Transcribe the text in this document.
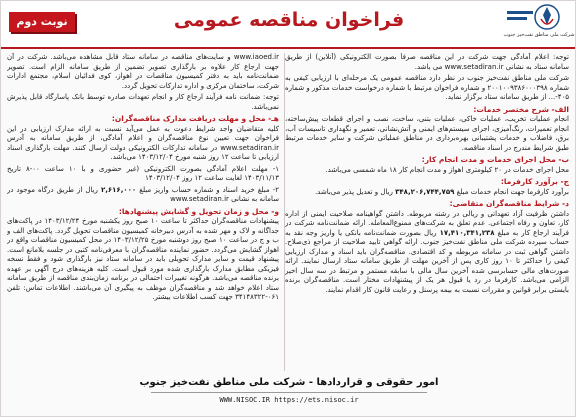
نوبت دوم	فراخوان مناقصه عمومی
شرکت ملی مناطق نفت‌خیز جنوب

توجه: اعلام آمادگی جهت شرکت در این مناقصه صرفاً بصورت الکترونیکی (آنلاین) از طریق سامانه ستاد به نشانی www.setadiran.ir می باشد.

شرکت ملی مناطق نفت‌خیز جنوب در نظر دارد مناقصه عمومی یک مرحله‌ای با ارزیابی کیفی به شماره ۲۰۰۱۰۰۹۳۸۶۰۰۰۳۹۸ و شماره فراخوان مرتبط با شماره درخواست خدمات مذکور و شماره ۴۰۵-... از طریق سامانه ستاد برگزار نماید.

الف- شرح مختصر خدمات:

انجام عملیات تخریب، عملیات خاکی، عملیات بتنی، ساخت، نصب و اجرای قطعات پیش‌ساخته، انجام تعمیرات، رنگ‌آمیزی، اجرای سیستم‌های ایمنی و آتش‌نشانی، تعمیر و نگهداری تاسیسات آب، برق، فاضلاب و خدمات پشتیبانی بهره‌برداری در مناطق عملیاتی شرکت و سایر خدمات مرتبط طبق شرایط مندرج در اسناد مناقصه.

ب- محل اجرای خدمات و مدت انجام کار:

محل اجرای خدمات در ۲۰ کیلومتری اهواز و مدت انجام کار ۱۸ ماه شمسی می‌باشد.

ج- برآورد کارفرما:

برآورد کارفرما جهت انجام خدمات مبلغ ۳۴۸,۲۰۶,۷۴۴,۷۵۹ ریال و تعدیل پذیر می‌باشد.

د- شرایط مناقصه‌گران متقاضی:

داشتن ظرفیت آزاد تعهداتی و ریالی در رشته مربوطه. داشتن گواهینامه صلاحیت ایمنی از اداره کار، تعاون و رفاه اجتماعی. عدم تعلق به شرکت‌های ممنوع‌المعامله. ارائه ضمانت‌نامه شرکت در فرآیند ارجاع کار به مبلغ ۱۷,۴۱۰,۳۴۱,۲۳۸ ریال بصورت ضمانت‌نامه بانکی یا واریز وجه نقد به حساب سپرده شرکت ملی مناطق نفت‌خیز جنوب. ارائه گواهی تایید صلاحیت از مراجع ذی‌صلاح. داشتن گواهی ثبت در سامانه مربوطه و کد اقتصادی. مناقصه‌گران باید اسناد و مدارک ارزیابی کیفی را حداکثر تا ۱۰ روز کاری پس از آخرین مهلت از طریق سامانه ستاد ارسال نمایند. ارائه صورت‌های مالی حسابرسی شده آخرین سال مالی با سابقه مستمر و مرتبط در سه سال اخیر الزامی می‌باشد. کارفرما در رد یا قبول هر یک از پیشنهادات مختار است. مناقصه‌گران برنده بایستی برابر قوانین و مقررات نسبت به بیمه پرسنل و رعایت قانون کار اقدام نمایند.

www.iaoed.ir و سایت‌های مناقصه در سامانه ستاد قابل مشاهده می‌باشد. شرکت در آن جهت ارجاع کار علاوه بر بارگذاری تصویر تضمین از طریق سامانه الزام است. تصویر ضمانت‌نامه باید به دفتر کمیسیون مناقصات در اهواز، کوی فدائیان اسلام، مجتمع ادارات شرکت، ساختمان مرکزی و اداره تدارکات تحویل گردد.

توجه: ضمانت نامه فرآیند ارجاع کار و انجام تعهدات صادره توسط بانک پاسارگاد قابل پذیرش نمی‌باشد.

هـ- محل و مهلت دریافت مدارک مناقصه‌گران:

کلیه متقاضیان واجد شرایط دعوت به عمل می‌آید نسبت به ارائه مدارک ارزیابی در این فراخوان جهت تعیین نوع مناقصه‌گران و اعلام آمادگی، از طریق سامانه به آدرس www.setadiran.ir در سامانه تدارکات الکترونیکی دولت ارسال کنند. مهلت بارگذاری اسناد ارزیابی تا ساعت ۱۲ روز شنبه مورخ ۱۴۰۳/۱۲/۰۴ می‌باشد.

۱- مهلت اعلام آمادگی بصورت الکترونیکی (غیر حضوری و با ۱۰ ساعت ۰۰-۸ تاریخ ۱۴۰۳/۱۱/۱۳ لغایت ساعت ۱۲ روز ۱۴۰۳/۱۲/۰۴

۲- مبلغ خرید اسناد و شماره حساب واریز مبلغ ۲,۶۱۶,۰۰۰ ریال از طریق درگاه موجود در سامانه به نشانی www.setadiran.ir

و- محل و زمان تحویل و گشایش پیشنهادها:

پیشنهادات مناقصه‌گران حداکثر تا ساعت ۱۰ صبح روز یکشنبه مورخ ۱۴۰۳/۱۲/۲۴ در پاکت‌های جداگانه و لاک و مهر شده به آدرس دبیرخانه کمیسیون مناقصات تحویل گردد. پاکت‌های الف و ب و ج در ساعت ۱۰ صبح روز دوشنبه مورخ ۱۴۰۳/۱۲/۲۵ در محل کمیسیون مناقصات واقع در اهواز گشایش می‌گردد. حضور نماینده مناقصه‌گران با معرفی‌نامه کتبی در جلسه بلامانع است. پیشنهاد قیمت و سایر مدارک تحویلی باید در سامانه ستاد نیز بارگذاری شود و فقط نسخه فیزیکی مطابق مدارک بارگذاری شده مورد قبول است. کلیه هزینه‌های درج آگهی بر عهده برنده مناقصه می‌باشد. هرگونه تغییرات احتمالی در برنامه زمان‌بندی مناقصه از طریق سامانه ستاد اعلام خواهد شد و مناقصه‌گران موظف به پیگیری آن می‌باشند. اطلاعات تماس: تلفن ۰۶۱-۳۴۱۴۸۳۲۲ جهت کسب اطلاعات بیشتر.

امور حقوقی و قراردادها - شرکت ملی مناطق نفت‌خیز جنوب
WWW.NISOC.IR https://ets.nisoc.ir
